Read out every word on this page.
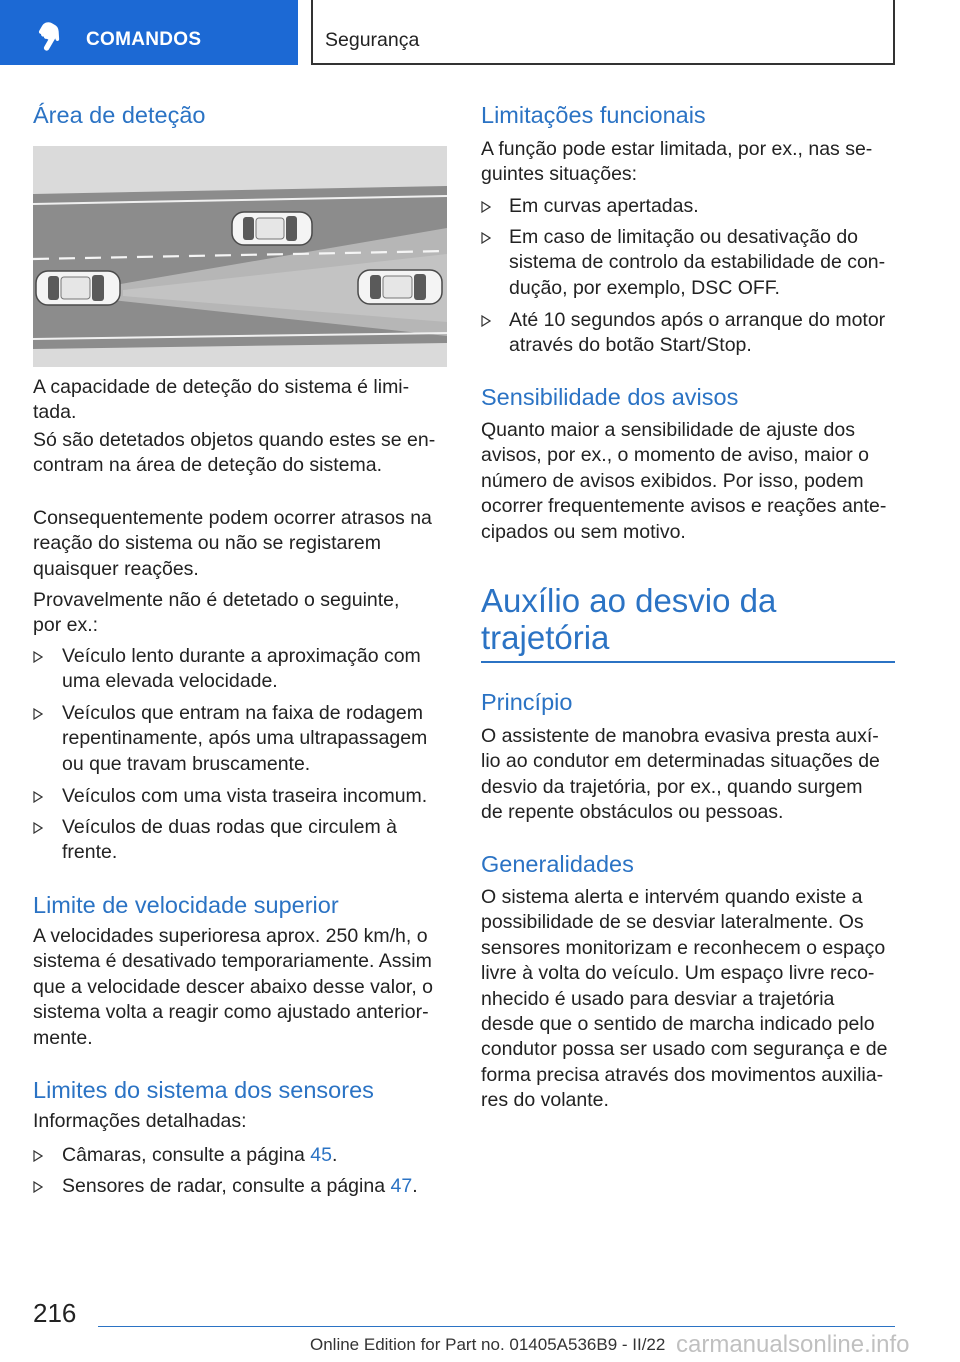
COMANDOS	Segurança
Área de deteção
A capacidade de deteção do sistema é limi-
tada.
Só são detetados objetos quando estes se en-
contram na área de deteção do sistema.
Consequentemente podem ocorrer atrasos na
reação do sistema ou não se registarem
quaisquer reações.
Provavelmente não é detetado o seguinte,
por ex.:
Veículo lento durante a aproximação com
uma elevada velocidade.
Veículos que entram na faixa de rodagem
repentinamente, após uma ultrapassagem
ou que travam bruscamente.
Veículos com uma vista traseira incomum.
Veículos de duas rodas que circulem à
frente.
Limite de velocidade superior
A velocidades superioresa aprox. 250 km/h, o
sistema é desativado temporariamente. Assim
que a velocidade descer abaixo desse valor, o
sistema volta a reagir como ajustado anterior-
mente.
Limites do sistema dos sensores
Informações detalhadas:
Câmaras, consulte a página 45.
Sensores de radar, consulte a página 47.
Limitações funcionais
A função pode estar limitada, por ex., nas se-
guintes situações:
Em curvas apertadas.
Em caso de limitação ou desativação do
sistema de controlo da estabilidade de con-
dução, por exemplo, DSC OFF.
Até 10 segundos após o arranque do motor
através do botão Start/Stop.
Sensibilidade dos avisos
Quanto maior a sensibilidade de ajuste dos
avisos, por ex., o momento de aviso, maior o
número de avisos exibidos. Por isso, podem
ocorrer frequentemente avisos e reações ante-
cipados ou sem motivo.
Auxílio ao desvio da
trajetória
Princípio
O assistente de manobra evasiva presta auxí-
lio ao condutor em determinadas situações de
desvio da trajetória, por ex., quando surgem
de repente obstáculos ou pessoas.
Generalidades
O sistema alerta e intervém quando existe a
possibilidade de se desviar lateralmente. Os
sensores monitorizam e reconhecem o espaço
livre à volta do veículo. Um espaço livre reco-
nhecido é usado para desviar a trajetória
desde que o sentido de marcha indicado pelo
condutor possa ser usado com segurança e de
forma precisa através dos movimentos auxilia-
res do volante.
216
Online Edition for Part no. 01405A536B9 - II/22 carmanualsonline.info
